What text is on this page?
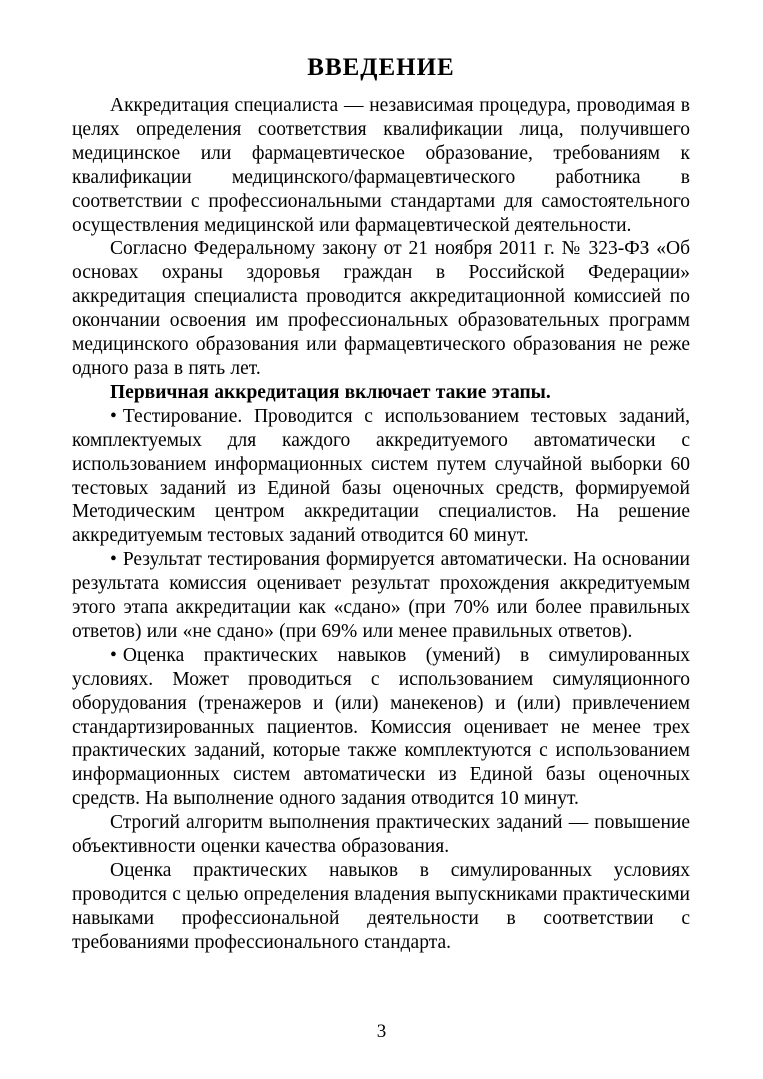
ВВЕДЕНИЕ

Аккредитация специалиста — независимая процедура, проводимая в целях определения соответствия квалификации лица, получившего медицинское или фармацевтическое образование, требованиям к квалификации медицинского/фармацевтического работника в соответствии с профессиональными стандартами для самостоятельного осуществления медицинской или фармацевтической деятельности.

Согласно Федеральному закону от 21 ноября 2011 г. № 323-ФЗ «Об основах охраны здоровья граждан в Российской Федерации» аккредитация специалиста проводится аккредитационной комиссией по окончании освоения им профессиональных образовательных программ медицинского образования или фармацевтического образования не реже одного раза в пять лет.

Первичная аккредитация включает такие этапы.

• Тестирование. Проводится с использованием тестовых заданий, комплектуемых для каждого аккредитуемого автоматически с использованием информационных систем путем случайной выборки 60 тестовых заданий из Единой базы оценочных средств, формируемой Методическим центром аккредитации специалистов. На решение аккредитуемым тестовых заданий отводится 60 минут.

• Результат тестирования формируется автоматически. На основании результата комиссия оценивает результат прохождения аккредитуемым этого этапа аккредитации как «сдано» (при 70% или более правильных ответов) или «не сдано» (при 69% или менее правильных ответов).

• Оценка практических навыков (умений) в симулированных условиях. Может проводиться с использованием симуляционного оборудования (тренажеров и (или) манекенов) и (или) привлечением стандартизированных пациентов. Комиссия оценивает не менее трех практических заданий, которые также комплектуются с использованием информационных систем автоматически из Единой базы оценочных средств. На выполнение одного задания отводится 10 минут.

Строгий алгоритм выполнения практических заданий — повышение объективности оценки качества образования.

Оценка практических навыков в симулированных условиях проводится с целью определения владения выпускниками практическими навыками профессиональной деятельности в соответствии с требованиями профессионального стандарта.

3
